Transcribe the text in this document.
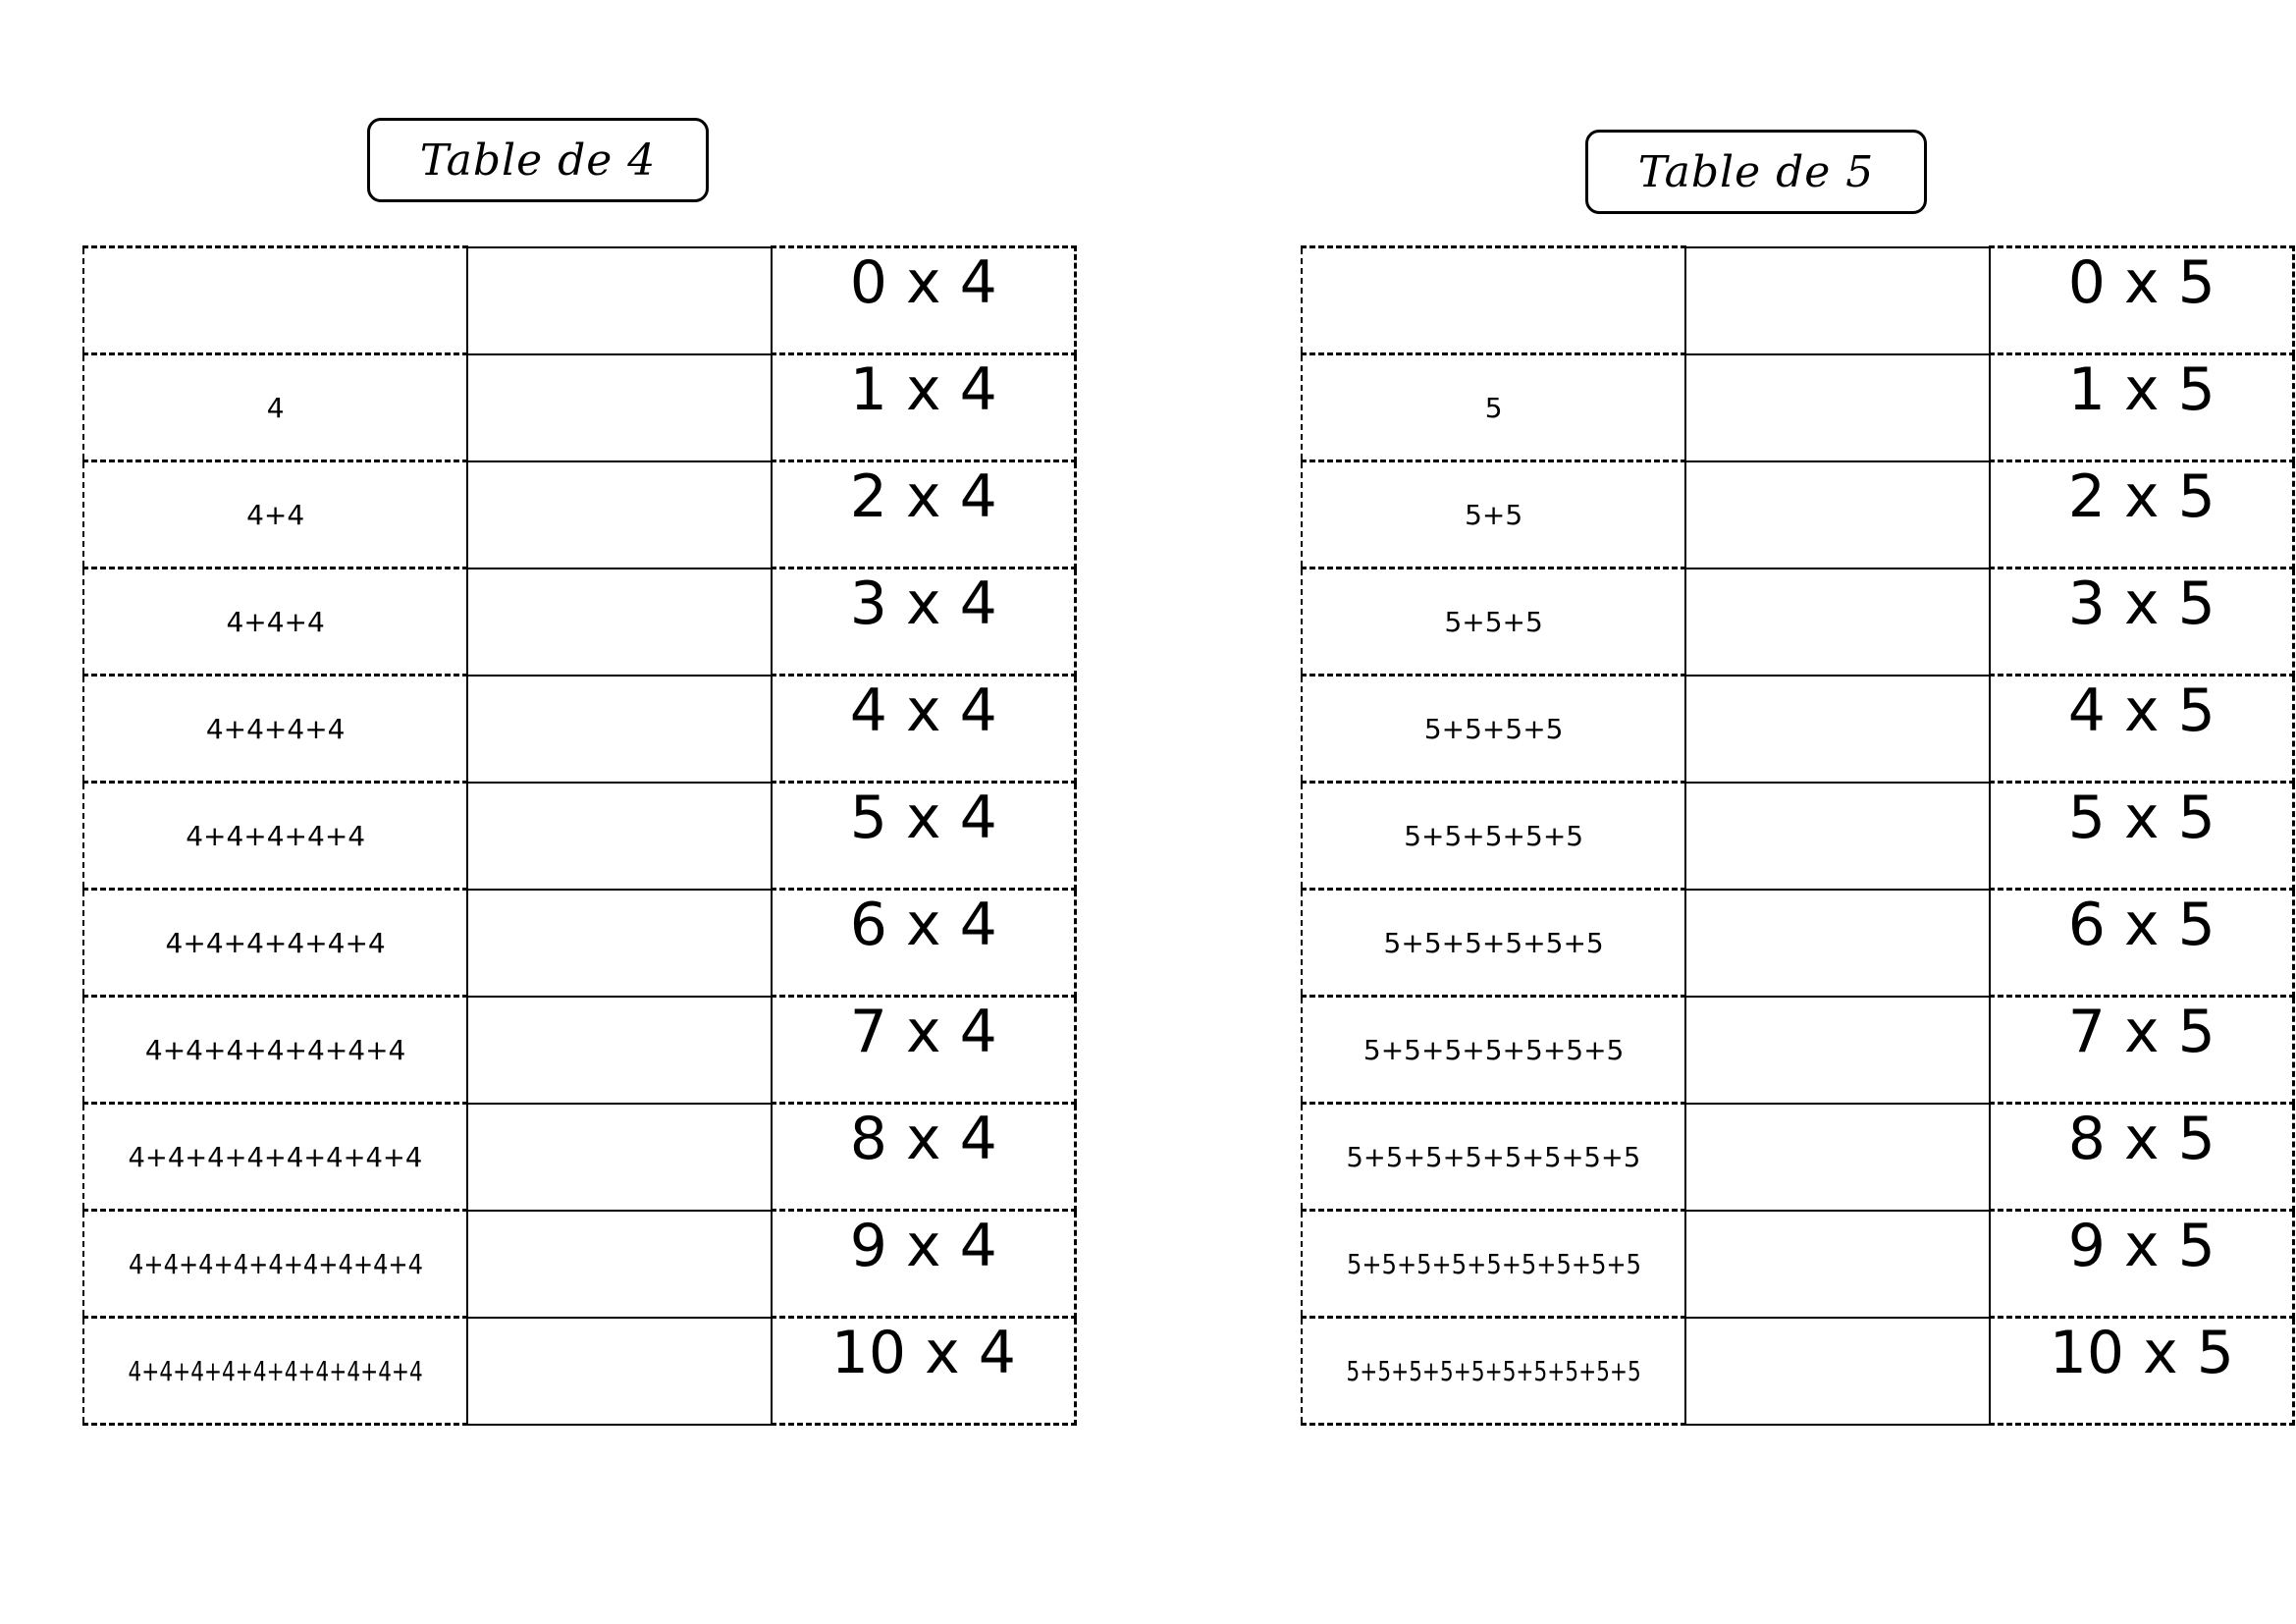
Table de 4	Table de 5
		0 x 4
4		1 x 4
4+4		2 x 4
4+4+4		3 x 4
4+4+4+4		4 x 4
4+4+4+4+4		5 x 4
4+4+4+4+4+4		6 x 4
4+4+4+4+4+4+4		7 x 4
4+4+4+4+4+4+4+4		8 x 4
4+4+4+4+4+4+4+4+4		9 x 4
4+4+4+4+4+4+4+4+4+4		10 x 4
		0 x 5
5		1 x 5
5+5		2 x 5
5+5+5		3 x 5
5+5+5+5		4 x 5
5+5+5+5+5		5 x 5
5+5+5+5+5+5		6 x 5
5+5+5+5+5+5+5		7 x 5
5+5+5+5+5+5+5+5		8 x 5
5+5+5+5+5+5+5+5+5		9 x 5
5+5+5+5+5+5+5+5+5+5		10 x 5
